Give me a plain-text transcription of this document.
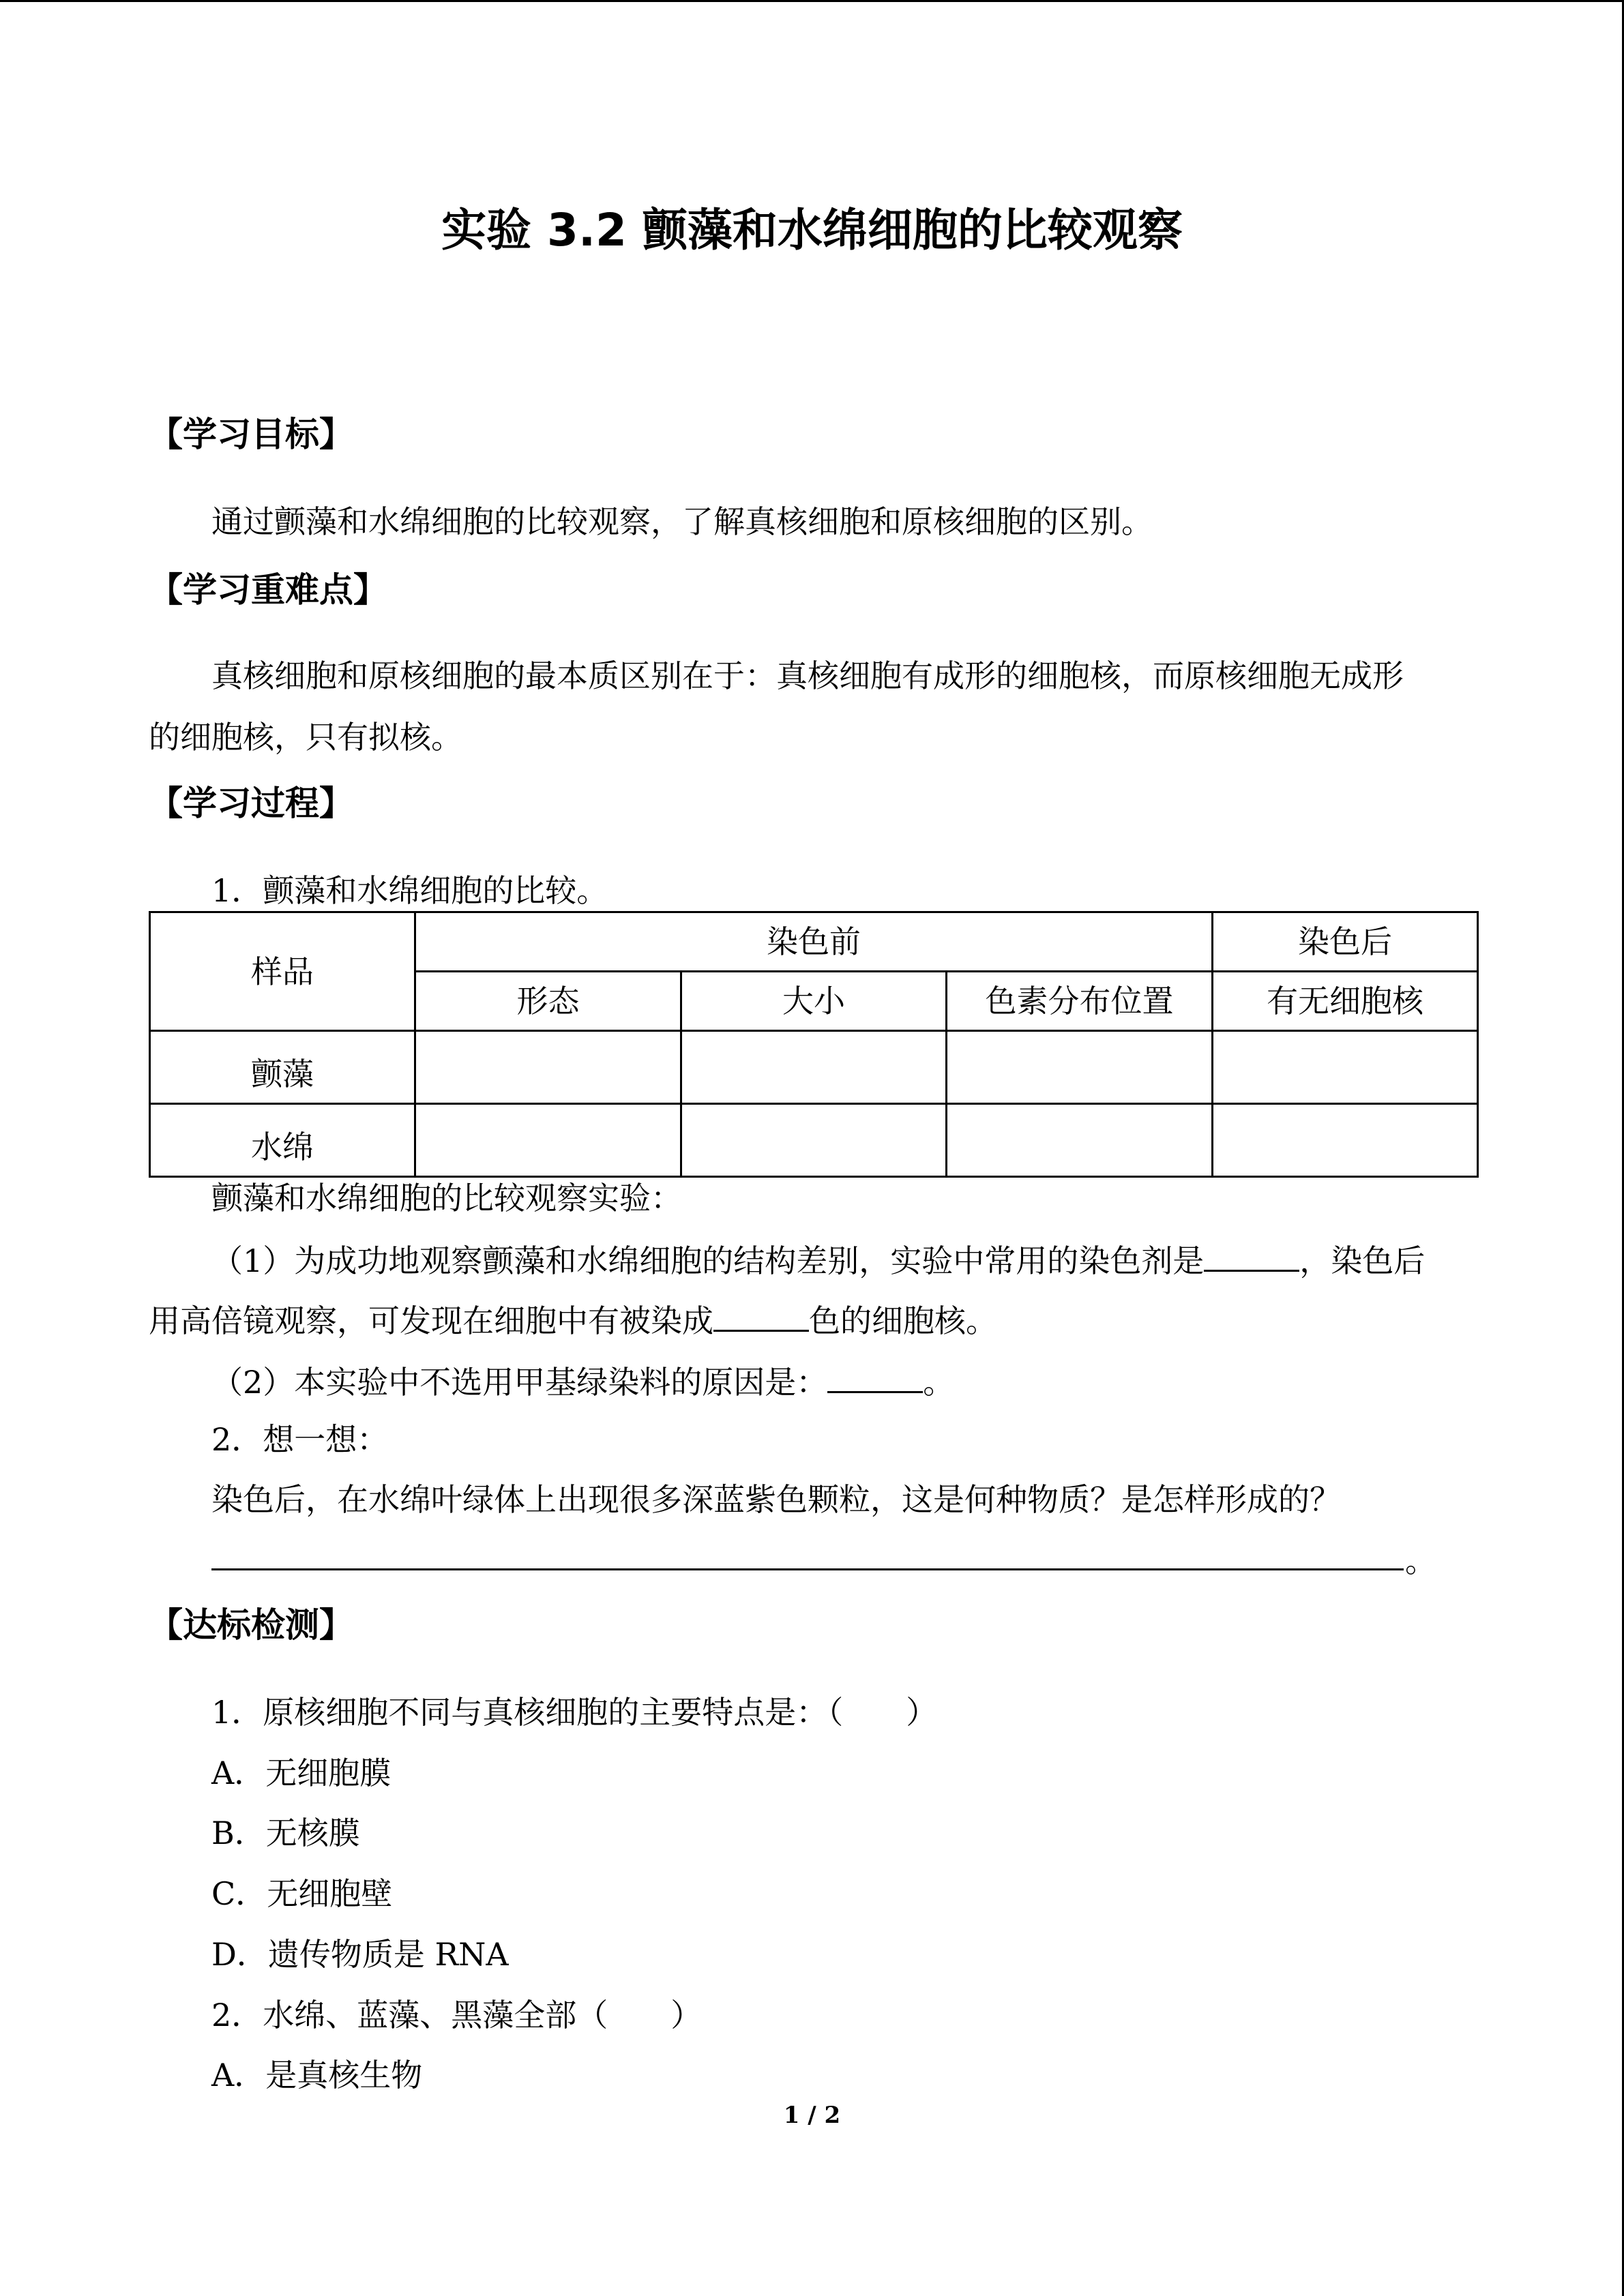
实验 3.2 颤藻和水绵细胞的比较观察
【学习目标】
通过颤藻和水绵细胞的比较观察，了解真核细胞和原核细胞的区别。
【学习重难点】
真核细胞和原核细胞的最本质区别在于：真核细胞有成形的细胞核，而原核细胞无成形
的细胞核，只有拟核。
【学习过程】
1．颤藻和水绵细胞的比较。
样品	染色前			染色后
	形态	大小	色素分布位置	有无细胞核
颤藻				
水绵				
颤藻和水绵细胞的比较观察实验：
（1）为成功地观察颤藻和水绵细胞的结构差别，实验中常用的染色剂是	，染色后
用高倍镜观察，可发现在细胞中有被染成	色的细胞核。
（2）本实验中不选用甲基绿染料的原因是：	。
2．想一想：
染色后，在水绵叶绿体上出现很多深蓝紫色颗粒，这是何种物质？是怎样形成的？
。
【达标检测】
1．原核细胞不同与真核细胞的主要特点是：（　　）
A．无细胞膜
B．无核膜
C．无细胞壁
D．遗传物质是 RNA
2．水绵、蓝藻、黑藻全部（　　）
A．是真核生物
1 / 2
